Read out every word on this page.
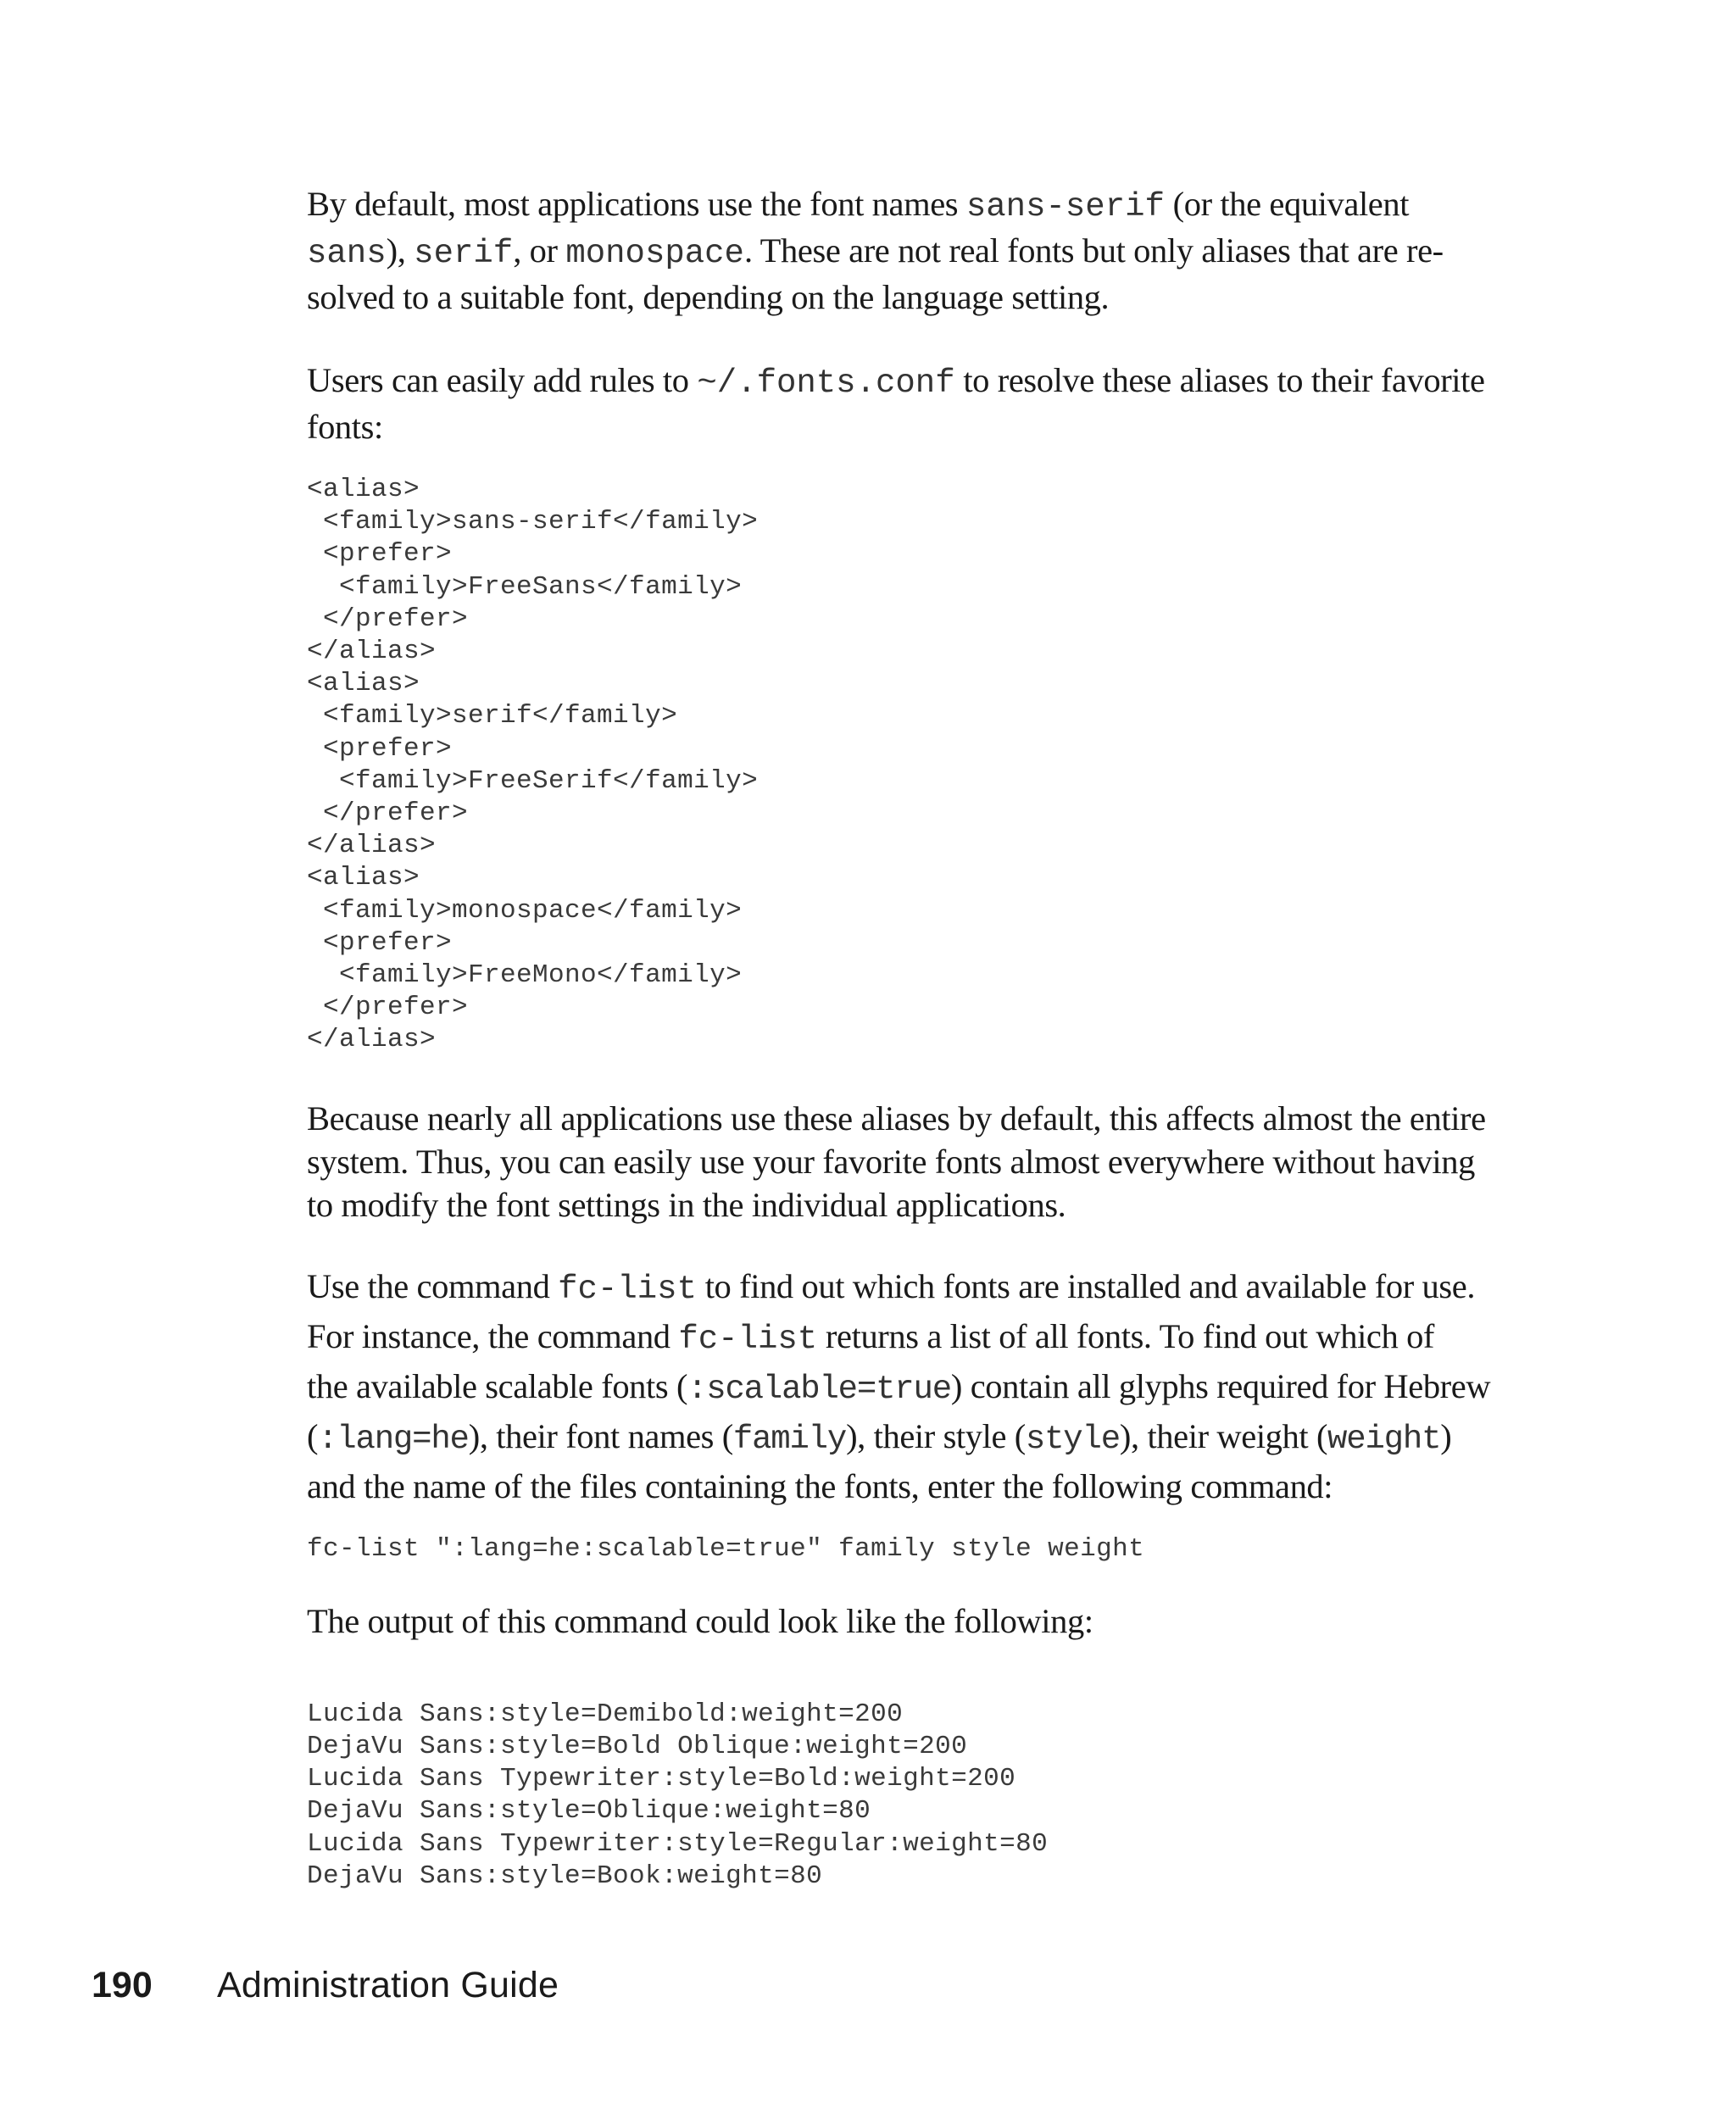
By default, most applications use the font names sans-serif (or the equivalent
sans), serif, or monospace. These are not real fonts but only aliases that are re-
solved to a suitable font, depending on the language setting.

Users can easily add rules to ~/.fonts.conf to resolve these aliases to their favorite
fonts:

<alias>
<family>sans-serif</family>
<prefer>
<family>FreeSans</family>
</prefer>
</alias>
<alias>
<family>serif</family>
<prefer>
<family>FreeSerif</family>
</prefer>
</alias>
<alias>
<family>monospace</family>
<prefer>
<family>FreeMono</family>
</prefer>
</alias>

Because nearly all applications use these aliases by default, this affects almost the entire
system. Thus, you can easily use your favorite fonts almost everywhere without having
to modify the font settings in the individual applications.

Use the command fc-list to find out which fonts are installed and available for use.
For instance, the command fc-list returns a list of all fonts. To find out which of
the available scalable fonts (:scalable=true) contain all glyphs required for Hebrew
(:lang=he), their font names (family), their style (style), their weight (weight)
and the name of the files containing the fonts, enter the following command:

fc-list ":lang=he:scalable=true" family style weight

The output of this command could look like the following:

Lucida Sans:style=Demibold:weight=200
DejaVu Sans:style=Bold Oblique:weight=200
Lucida Sans Typewriter:style=Bold:weight=200
DejaVu Sans:style=Oblique:weight=80
Lucida Sans Typewriter:style=Regular:weight=80
DejaVu Sans:style=Book:weight=80
190	Administration Guide
